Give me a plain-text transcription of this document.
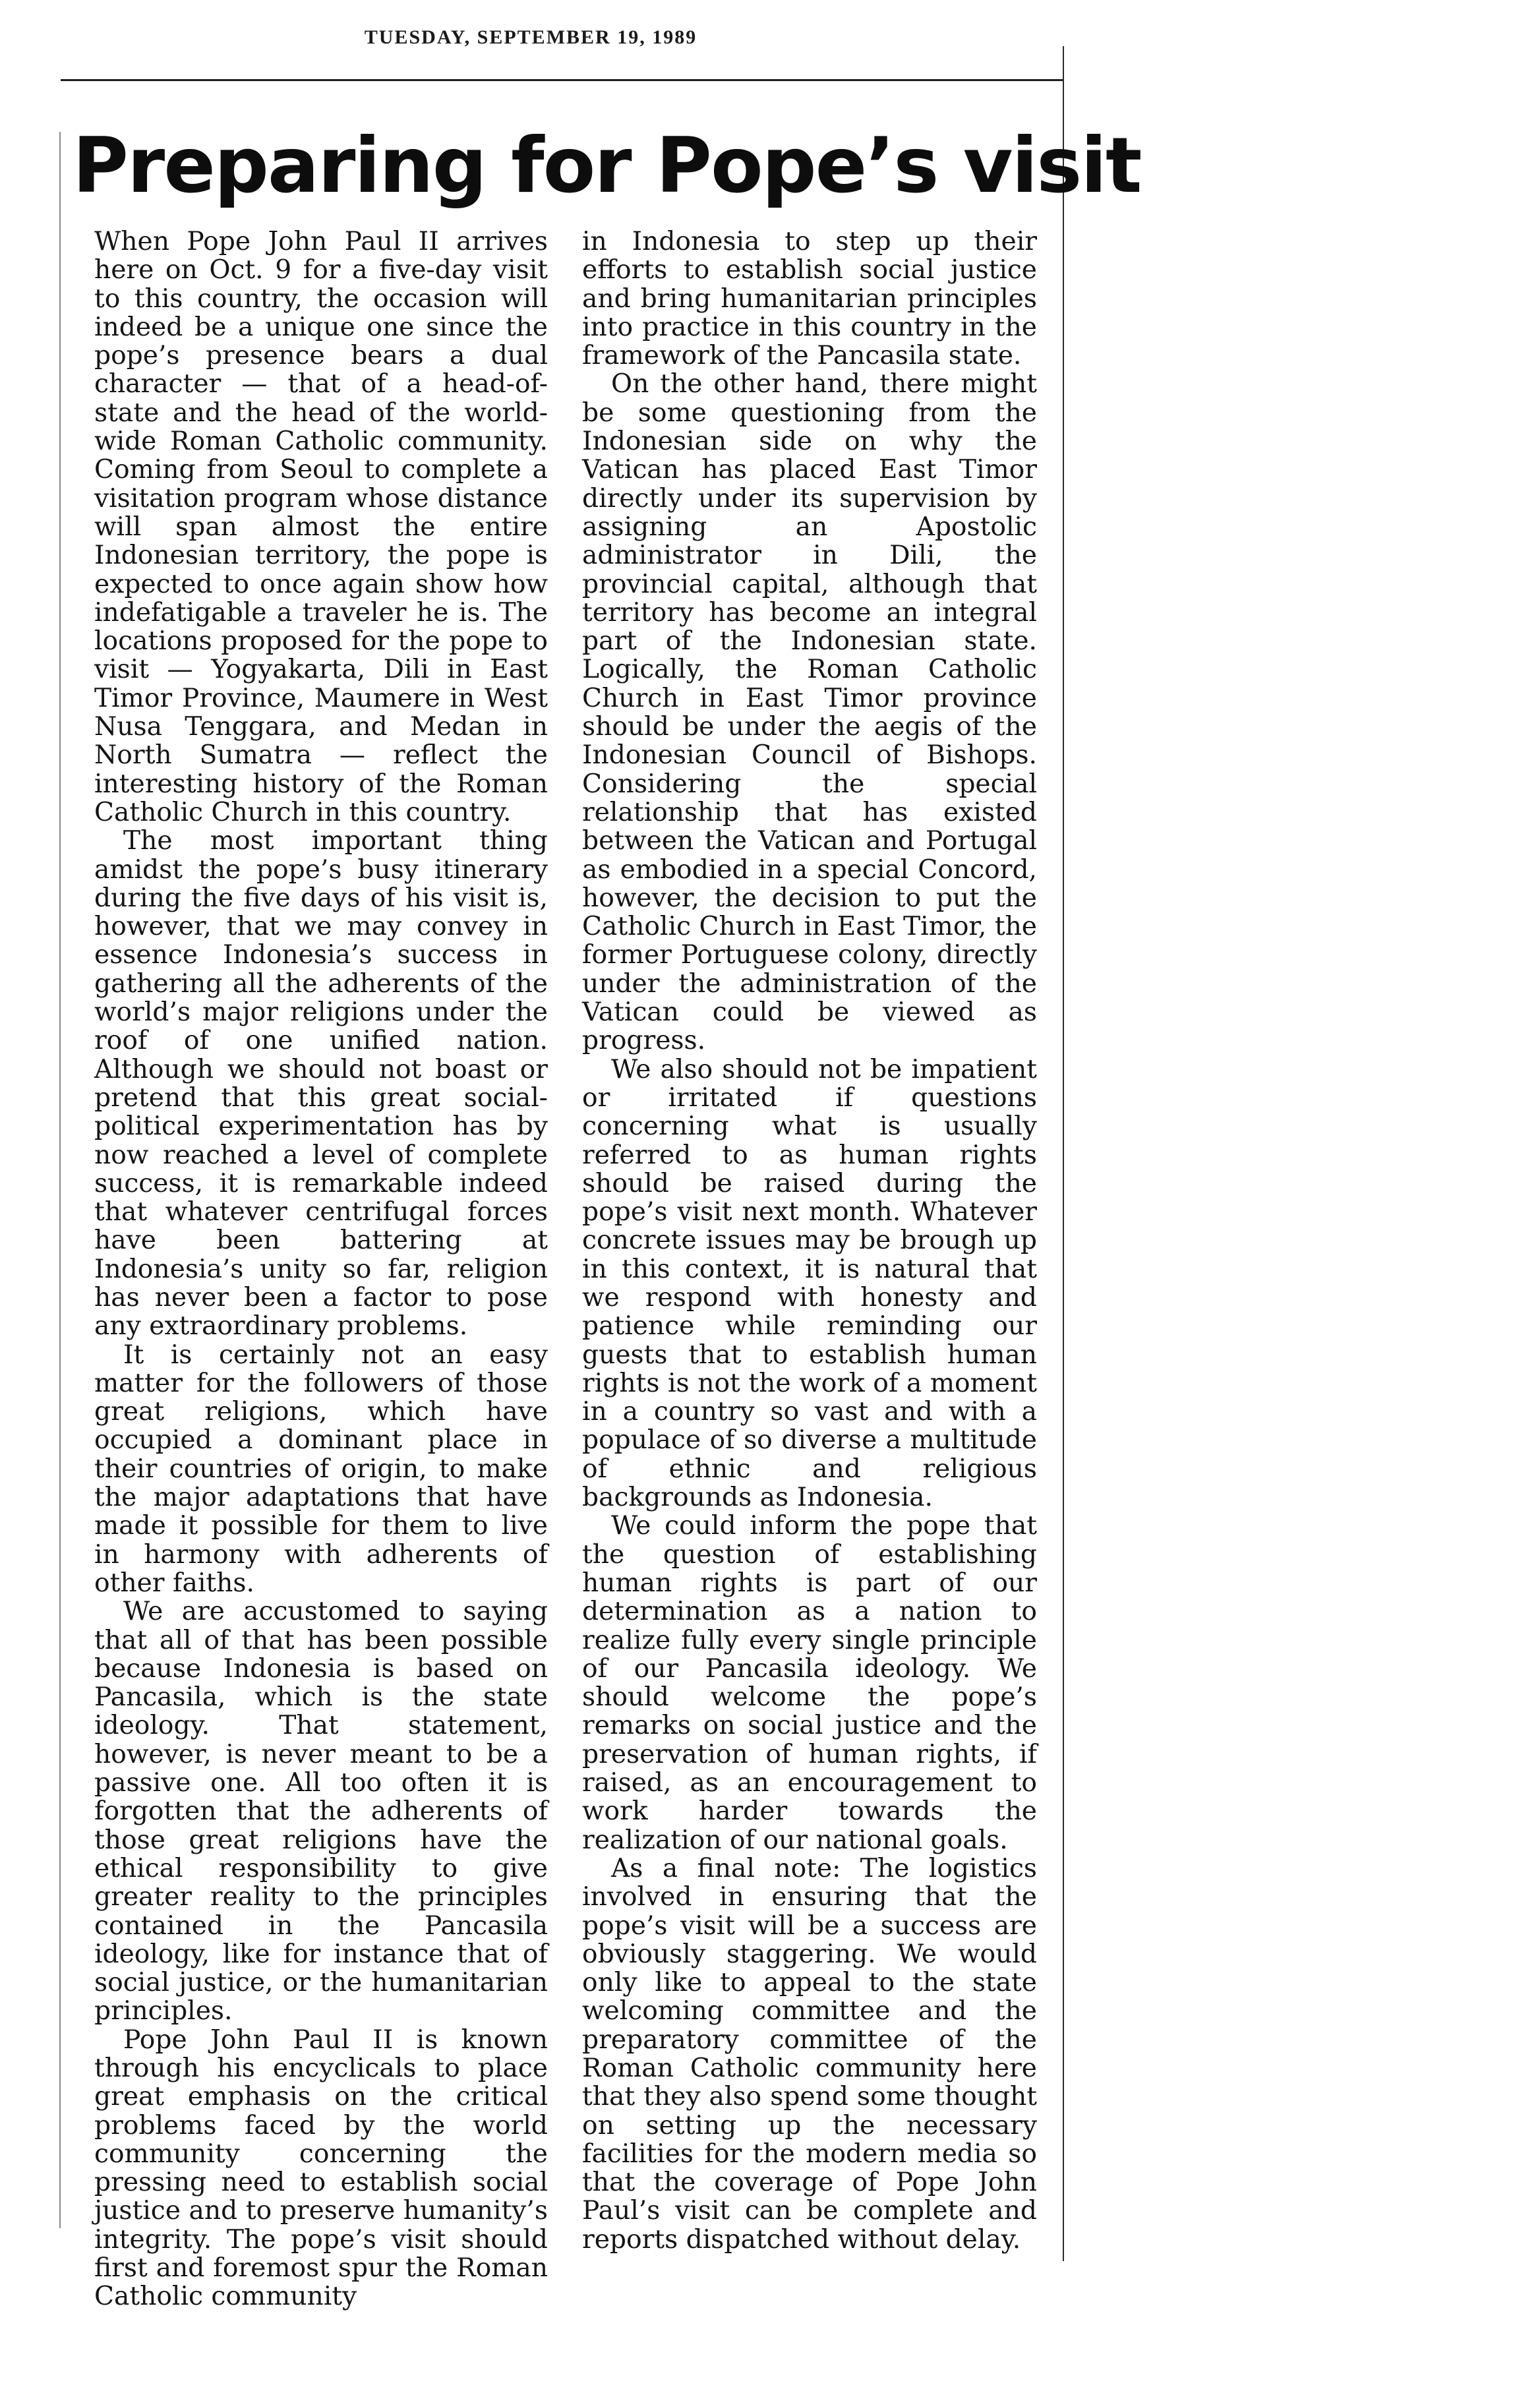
TUESDAY, SEPTEMBER 19, 1989
Preparing for Pope’s visit

When Pope John Paul II arrives here on Oct. 9 for a five-day visit to this country, the occasion will indeed be a unique one since the pope’s presence bears a dual character — that of a head-of-state and the head of the world-wide Roman Catholic community. Coming from Seoul to complete a visitation program whose distance will span almost the entire Indonesian territory, the pope is expected to once again show how indefatigable a traveler he is. The locations proposed for the pope to visit — Yogyakarta, Dili in East Timor Province, Maumere in West Nusa Tenggara, and Medan in North Sumatra — reflect the interesting history of the Roman Catholic Church in this country.

The most important thing amidst the pope’s busy itinerary during the five days of his visit is, however, that we may convey in essence Indonesia’s success in gathering all the adherents of the world’s major religions under the roof of one unified nation. Although we should not boast or pretend that this great social-political experimentation has by now reached a level of complete success, it is remarkable indeed that whatever centrifugal forces have been battering at Indonesia’s unity so far, religion has never been a factor to pose any extraordinary problems.

It is certainly not an easy matter for the followers of those great religions, which have occupied a dominant place in their countries of origin, to make the major adaptations that have made it possible for them to live in harmony with adherents of other faiths.

We are accustomed to saying that all of that has been possible because Indonesia is based on Pancasila, which is the state ideology. That statement, however, is never meant to be a passive one. All too often it is forgotten that the adherents of those great religions have the ethical responsibility to give greater reality to the principles contained in the Pancasila ideology, like for instance that of social justice, or the humanitarian principles.

Pope John Paul II is known through his encyclicals to place great emphasis on the critical problems faced by the world community concerning the pressing need to establish social justice and to preserve humanity’s integrity. The pope’s visit should first and foremost spur the Roman Catholic community

in Indonesia to step up their efforts to establish social justice and bring humanitarian principles into practice in this country in the framework of the Pancasila state.

On the other hand, there might be some questioning from the Indonesian side on why the Vatican has placed East Timor directly under its supervision by assigning an Apostolic administrator in Dili, the provincial capital, although that territory has become an integral part of the Indonesian state. Logically, the Roman Catholic Church in East Timor province should be under the aegis of the Indonesian Council of Bishops. Considering the special relationship that has existed between the Vatican and Portugal as embodied in a special Concord, however, the decision to put the Catholic Church in East Timor, the former Portuguese colony, directly under the administration of the Vatican could be viewed as progress.

We also should not be impatient or irritated if questions concerning what is usually referred to as human rights should be raised during the pope’s visit next month. Whatever concrete issues may be brough up in this context, it is natural that we respond with honesty and patience while reminding our guests that to establish human rights is not the work of a moment in a country so vast and with a populace of so diverse a multitude of ethnic and religious backgrounds as Indonesia.

We could inform the pope that the question of establishing human rights is part of our determination as a nation to realize fully every single principle of our Pancasila ideology. We should welcome the pope’s remarks on social justice and the preservation of human rights, if raised, as an encouragement to work harder towards the realization of our national goals.

As a final note: The logistics involved in ensuring that the pope’s visit will be a success are obviously staggering. We would only like to appeal to the state welcoming committee and the preparatory committee of the Roman Catholic community here that they also spend some thought on setting up the necessary facilities for the modern media so that the coverage of Pope John Paul’s visit can be complete and reports dispatched without delay.
